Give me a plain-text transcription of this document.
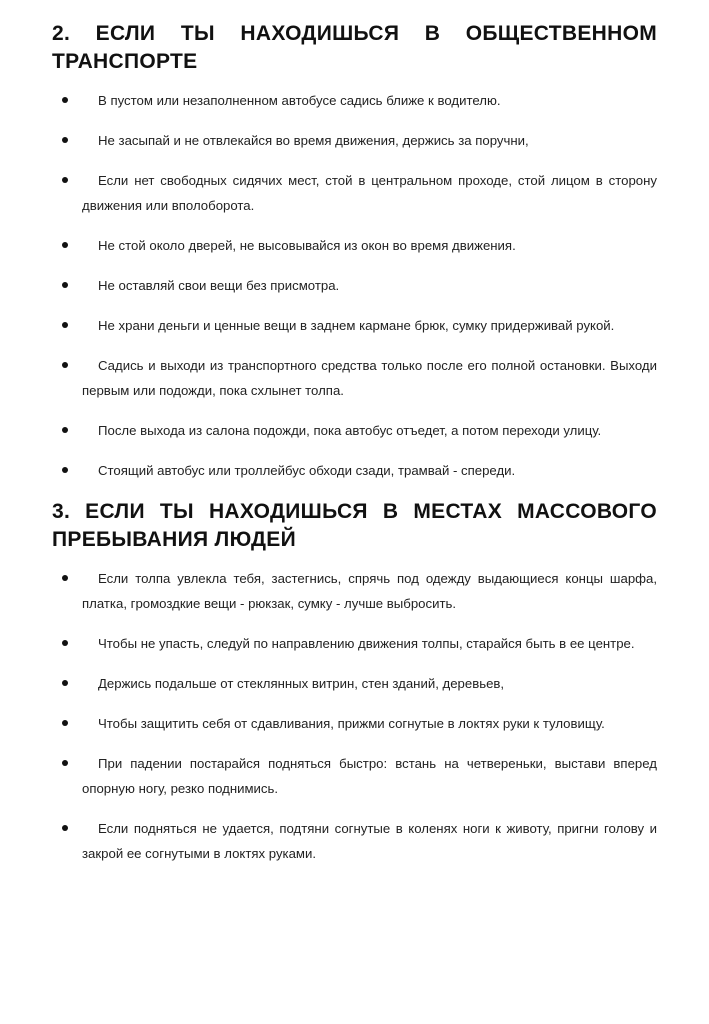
2. ЕСЛИ ТЫ НАХОДИШЬСЯ В ОБЩЕСТВЕННОМ ТРАНСПОРТЕ
В пустом или незаполненном автобусе садись ближе к водителю.
Не засыпай и не отвлекайся во время движения, держись за поручни,
Если нет свободных сидячих мест, стой в центральном проходе, стой лицом в сторону движения или вполоборота.
Не стой около дверей, не высовывайся из окон во время движения.
Не оставляй свои вещи без присмотра.
Не храни деньги и ценные вещи в заднем кармане брюк, сумку придерживай рукой.
Садись и выходи из транспортного средства только после его полной остановки. Выходи первым или подожди, пока схлынет толпа.
После выхода из салона подожди, пока автобус отъедет, а потом переходи улицу.
Стоящий автобус или троллейбус обходи сзади, трамвай - спереди.
3. ЕСЛИ ТЫ НАХОДИШЬСЯ В МЕСТАХ МАССОВОГО ПРЕБЫВАНИЯ ЛЮДЕЙ
Если толпа увлекла тебя, застегнись, спрячь под одежду выдающиеся концы шарфа, платка, громоздкие вещи - рюкзак, сумку - лучше выбросить.
Чтобы не упасть, следуй по направлению движения толпы, старайся быть в ее центре.
Держись подальше от стеклянных витрин, стен зданий, деревьев,
Чтобы защитить себя от сдавливания, прижми согнутые в локтях руки к туловищу.
При падении постарайся подняться быстро: встань на четвереньки, выстави вперед опорную ногу, резко поднимись.
Если подняться не удается, подтяни согнутые в коленях ноги к животу, пригни голову и закрой ее согнутыми в локтях руками.
